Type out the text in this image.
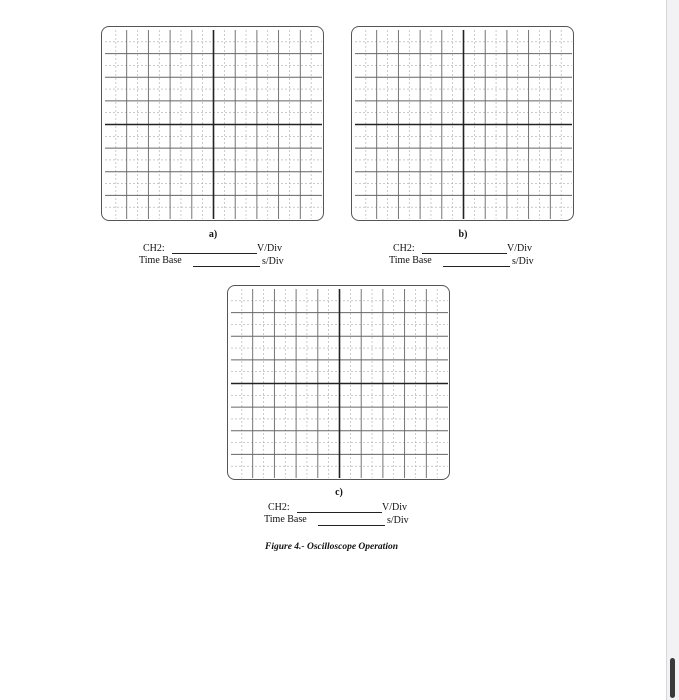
a)
CH2:	V/Div
Time Base	s/Div
b)
CH2:	V/Div
Time Base	s/Div
c)
CH2:	V/Div
Time Base	s/Div
Figure 4.- Oscilloscope Operation
